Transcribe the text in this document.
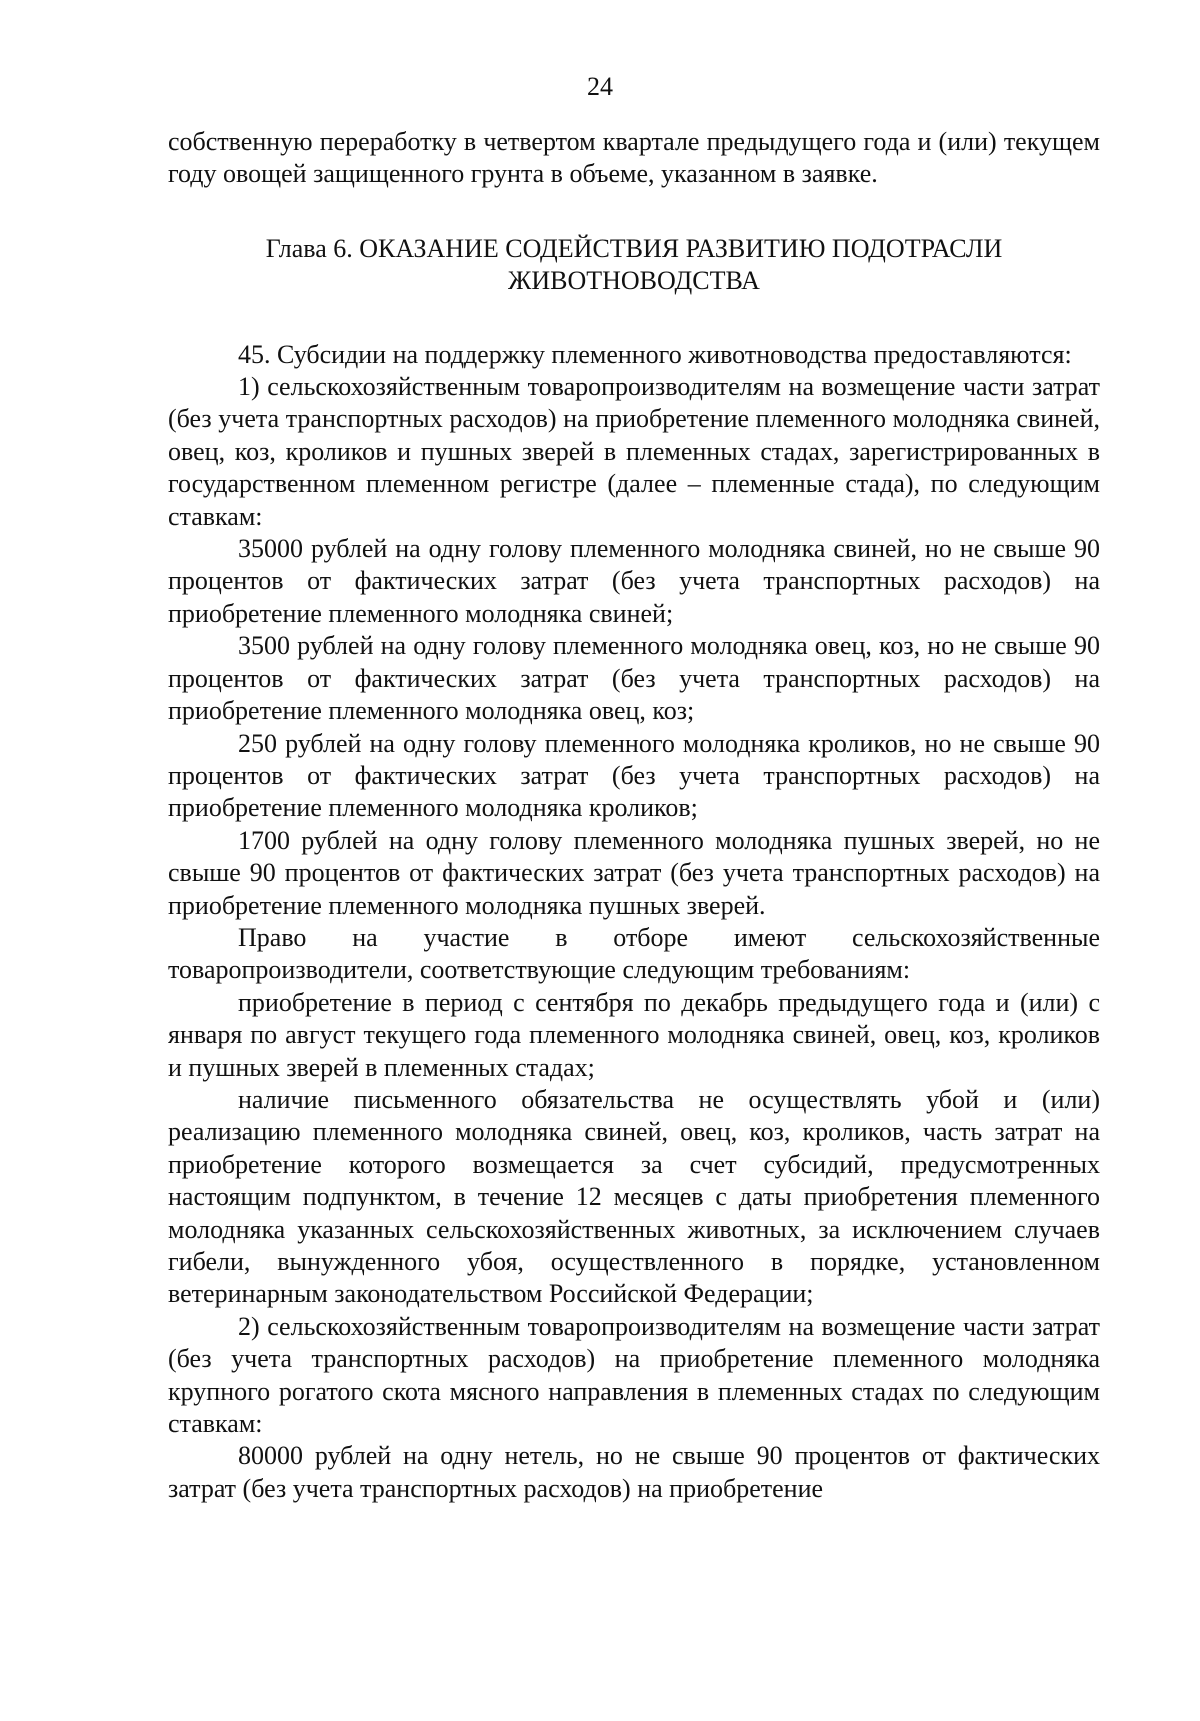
24

собственную переработку в четвертом квартале предыдущего года и (или) текущем году овощей защищенного грунта в объеме, указанном в заявке.

Глава 6. ОКАЗАНИЕ СОДЕЙСТВИЯ РАЗВИТИЮ ПОДОТРАСЛИ
ЖИВОТНОВОДСТВА

45. Субсидии на поддержку племенного животноводства предоставляются:

1) сельскохозяйственным товаропроизводителям на возмещение части затрат (без учета транспортных расходов) на приобретение племенного молодняка свиней, овец, коз, кроликов и пушных зверей в племенных стадах, зарегистрированных в государственном племенном регистре (далее – племенные стада), по следующим ставкам:

35000 рублей на одну голову племенного молодняка свиней, но не свыше 90 процентов от фактических затрат (без учета транспортных расходов) на приобретение племенного молодняка свиней;

3500 рублей на одну голову племенного молодняка овец, коз, но не свыше 90 процентов от фактических затрат (без учета транспортных расходов) на приобретение племенного молодняка овец, коз;

250 рублей на одну голову племенного молодняка кроликов, но не свыше 90 процентов от фактических затрат (без учета транспортных расходов) на приобретение племенного молодняка кроликов;

1700 рублей на одну голову племенного молодняка пушных зверей, но не свыше 90 процентов от фактических затрат (без учета транспортных расходов) на приобретение племенного молодняка пушных зверей.

Право на участие в отборе имеют сельскохозяйственные товаропроизводители, соответствующие следующим требованиям:

приобретение в период с сентября по декабрь предыдущего года и (или) с января по август текущего года племенного молодняка свиней, овец, коз, кроликов и пушных зверей в племенных стадах;

наличие письменного обязательства не осуществлять убой и (или) реализацию племенного молодняка свиней, овец, коз, кроликов, часть затрат на приобретение которого возмещается за счет субсидий, предусмотренных настоящим подпунктом, в течение 12 месяцев с даты приобретения племенного молодняка указанных сельскохозяйственных животных, за исключением случаев гибели, вынужденного убоя, осуществленного в порядке, установленном ветеринарным законодательством Российской Федерации;

2) сельскохозяйственным товаропроизводителям на возмещение части затрат (без учета транспортных расходов) на приобретение племенного молодняка крупного рогатого скота мясного направления в племенных стадах по следующим ставкам:

80000 рублей на одну нетель, но не свыше 90 процентов от фактических затрат (без учета транспортных расходов) на приобретение
